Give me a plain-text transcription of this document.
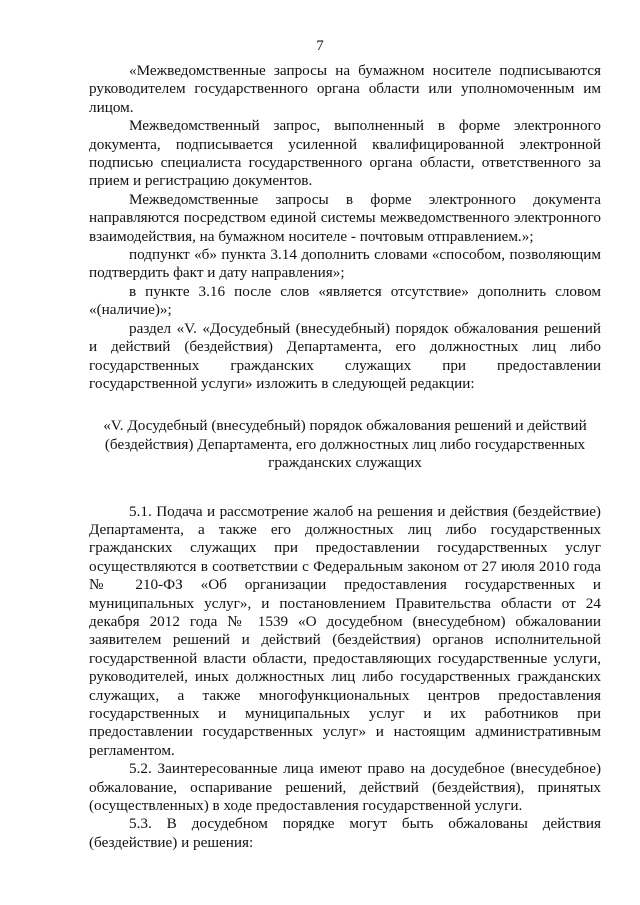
7

«Межведомственные запросы на бумажном носителе подписываются руководителем государственного органа области или уполномоченным им лицом.

Межведомственный запрос, выполненный в форме электронного документа, подписывается усиленной квалифицированной электронной подписью специалиста государственного органа области, ответственного за прием и регистрацию документов.

Межведомственные запросы в форме электронного документа направляются посредством единой системы межведомственного электронного взаимодействия, на бумажном носителе - почтовым отправлением.»;

подпункт «б» пункта 3.14 дополнить словами «способом, позволяющим подтвердить факт и дату направления»;

в пункте 3.16 после слов «является отсутствие» дополнить словом «(наличие)»;

раздел «V. «Досудебный (внесудебный) порядок обжалования решений и действий (бездействия) Департамента, его должностных лиц либо государственных гражданских служащих при предоставлении государственной услуги» изложить в следующей редакции:

«V. Досудебный (внесудебный) порядок обжалования решений и действий (бездействия) Департамента, его должностных лиц либо государственных гражданских служащих

5.1. Подача и рассмотрение жалоб на решения и действия (бездействие) Департамента, а также его должностных лиц либо государственных гражданских служащих при предоставлении государственных услуг осуществляются в соответствии с Федеральным законом от 27 июля 2010 года № 210-ФЗ «Об организации предоставления государственных и муниципальных услуг», и постановлением Правительства области от 24 декабря 2012 года № 1539 «О досудебном (внесудебном) обжаловании заявителем решений и действий (бездействия) органов исполнительной государственной власти области, предоставляющих государственные услуги, руководителей, иных должностных лиц либо государственных гражданских служащих, а также многофункциональных центров предоставления государственных и муниципальных услуг и их работников при предоставлении государственных услуг» и настоящим административным регламентом.

5.2. Заинтересованные лица имеют право на досудебное (внесудебное) обжалование, оспаривание решений, действий (бездействия), принятых (осуществленных) в ходе предоставления государственной услуги.

5.3. В досудебном порядке могут быть обжалованы действия (бездействие) и решения:
